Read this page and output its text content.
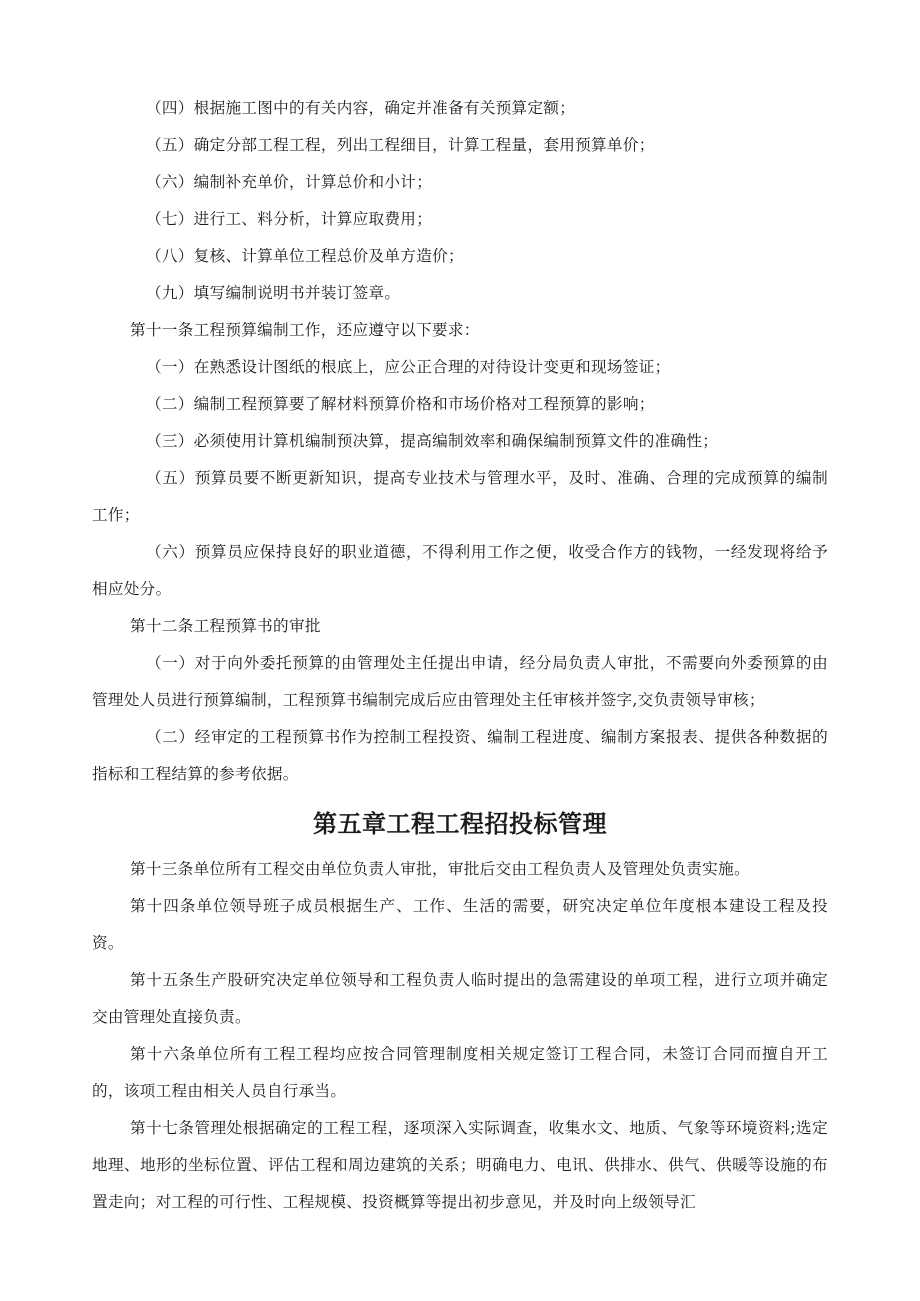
（四）根据施工图中的有关内容，确定并准备有关预算定额；

（五）确定分部工程工程，列出工程细目，计算工程量，套用预算单价；

（六）编制补充单价，计算总价和小计；

（七）进行工、料分析，计算应取费用；

（八）复核、计算单位工程总价及单方造价；

（九）填写编制说明书并装订签章。

第十一条工程预算编制工作，还应遵守以下要求：

（一）在熟悉设计图纸的根底上，应公正合理的对待设计变更和现场签证；

（二）编制工程预算要了解材料预算价格和市场价格对工程预算的影响；

（三）必须使用计算机编制预决算，提高编制效率和确保编制预算文件的准确性；

（五）预算员要不断更新知识，提高专业技术与管理水平，及时、准确、合理的完成预算的编制工作；

（六）预算员应保持良好的职业道德，不得利用工作之便，收受合作方的钱物，一经发现将给予相应处分。

第十二条工程预算书的审批

（一）对于向外委托预算的由管理处主任提出申请，经分局负责人审批，不需要向外委预算的由管理处人员进行预算编制，工程预算书编制完成后应由管理处主任审核并签字,交负责领导审核；

（二）经审定的工程预算书作为控制工程投资、编制工程进度、编制方案报表、提供各种数据的指标和工程结算的参考依据。

第五章工程工程招投标管理

第十三条单位所有工程交由单位负责人审批，审批后交由工程负责人及管理处负责实施。

第十四条单位领导班子成员根据生产、工作、生活的需要，研究决定单位年度根本建设工程及投资。

第十五条生产股研究决定单位领导和工程负责人临时提出的急需建设的单项工程，进行立项并确定交由管理处直接负责。

第十六条单位所有工程工程均应按合同管理制度相关规定签订工程合同，未签订合同而擅自开工的，该项工程由相关人员自行承当。

第十七条管理处根据确定的工程工程，逐项深入实际调查，收集水文、地质、气象等环境资料;选定地理、地形的坐标位置、评估工程和周边建筑的关系；明确电力、电讯、供排水、供气、供暖等设施的布置走向；对工程的可行性、工程规模、投资概算等提出初步意见，并及时向上级领导汇
